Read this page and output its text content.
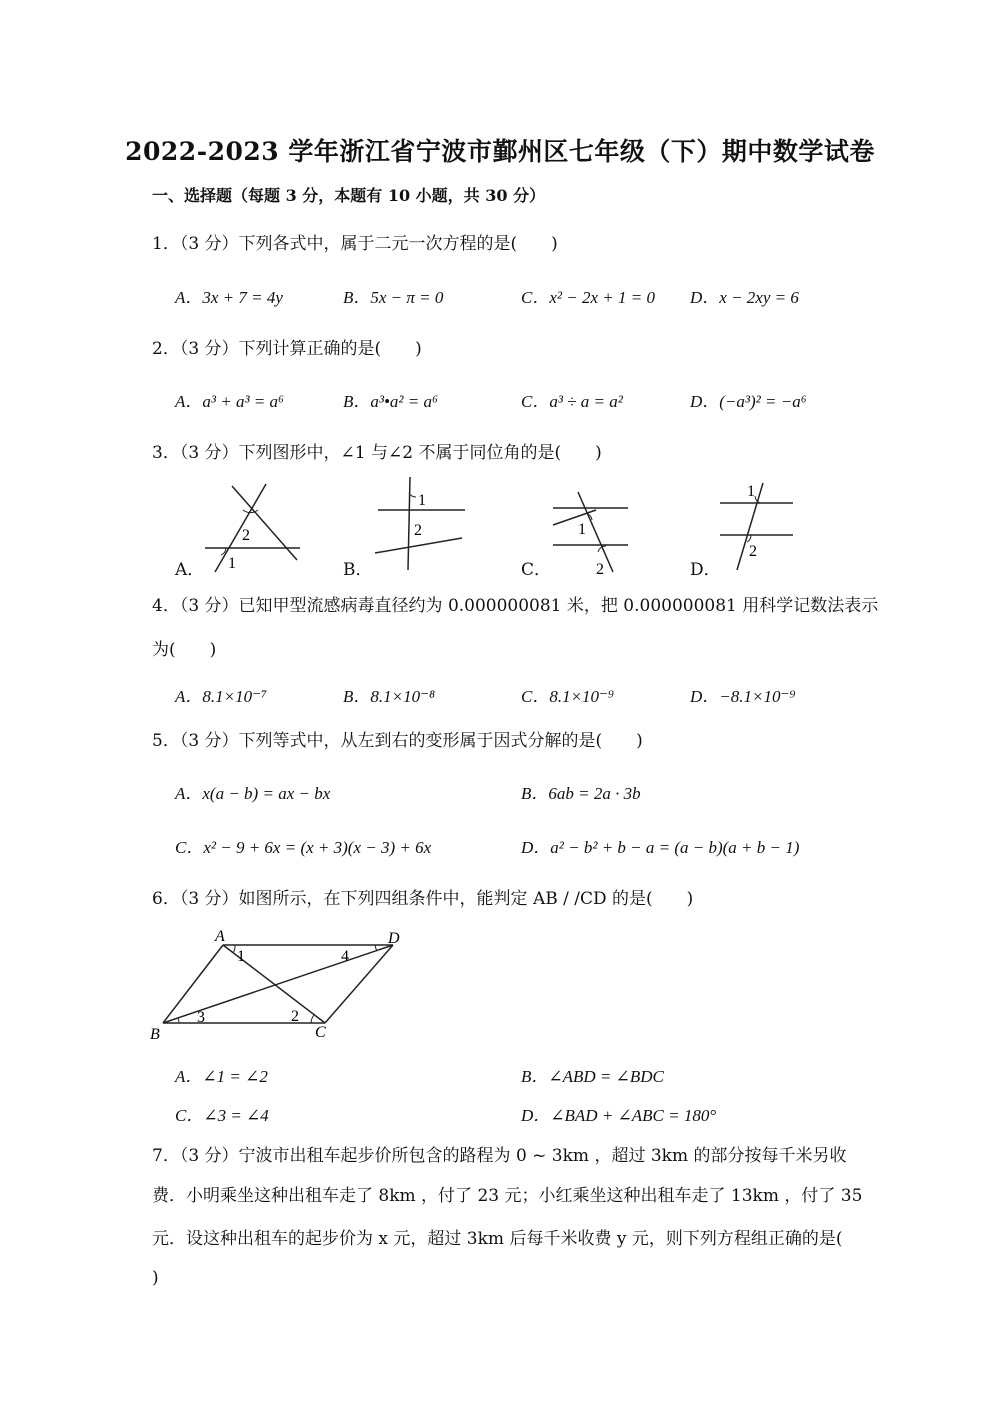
2022-2023 学年浙江省宁波市鄞州区七年级（下）期中数学试卷
一、选择题（每题 3 分，本题有 10 小题，共 30 分）
1．（3 分）下列各式中，属于二元一次方程的是(　　)
A．3x + 7 = 4y	B．5x − π = 0	C．x² − 2x + 1 = 0 D．x − 2xy = 6
2．（3 分）下列计算正确的是(　　)
A．a³ + a³ = a⁶	B．a³•a² = a⁶	C．a³ ÷ a = a²	D．(−a³)² = −a⁶
3．（3 分）下列图形中，∠1 与∠2 不属于同位角的是(　　)
A．	B．	C．	D．
2
1
1
2	1
2
1
2
4．（3 分）已知甲型流感病毒直径约为 0.000000081 米，把 0.000000081 用科学记数法表示
为(　　)
A．8.1×10⁻⁷	B．8.1×10⁻⁸	C．8.1×10⁻⁹	D．−8.1×10⁻⁹
5．（3 分）下列等式中，从左到右的变形属于因式分解的是(　　)
A．x(a − b) = ax − bx	B．6ab = 2a · 3b
C．x² − 9 + 6x = (x + 3)(x − 3) + 6x	D．a² − b² + b − a = (a − b)(a + b − 1)
6．（3 分）如图所示，在下列四组条件中，能判定 AB / /CD 的是(　　)
A	D
B	C
1
2
3
4
A．∠1 = ∠2	B．∠ABD = ∠BDC
C．∠3 = ∠4	D．∠BAD + ∠ABC = 180°
7．（3 分）宁波市出租车起步价所包含的路程为 0 ~ 3km ，超过 3km 的部分按每千米另收
费．小明乘坐这种出租车走了 8km ，付了 23 元；小红乘坐这种出租车走了 13km ，付了 35
元．设这种出租车的起步价为 x 元，超过 3km 后每千米收费 y 元，则下列方程组正确的是(
)
